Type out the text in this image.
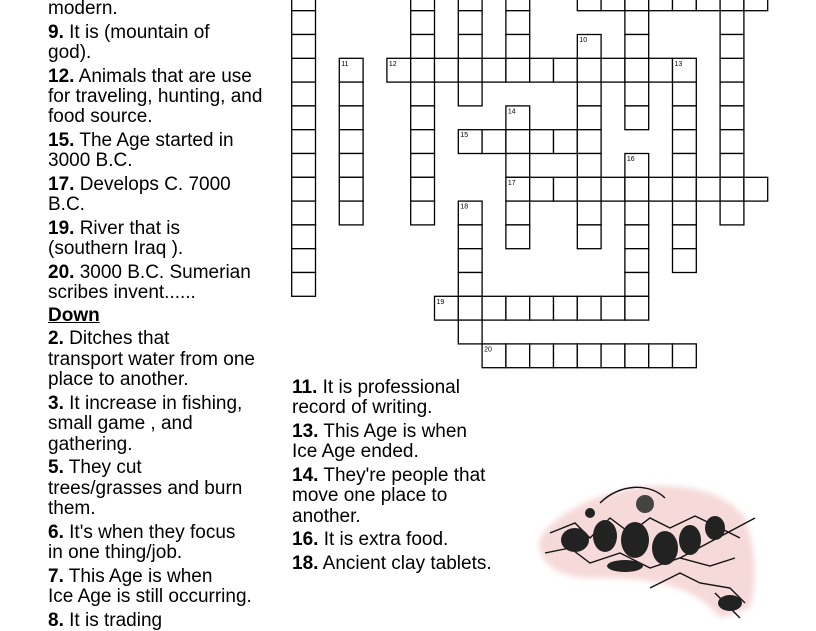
modern.
9. It is (mountain of
god).
12. Animals that are use
for traveling, hunting, and
food source.
15. The Age started in
3000 B.C.
17. Develops C. 7000
B.C.
19. River that is
(southern Iraq ).
20. 3000 B.C. Sumerian
scribes invent......
Down
2. Ditches that
transport water from one
place to another.
3. It increase in fishing,
small game , and
gathering.
5. They cut
trees/grasses and burn
them.
6. It's when they focus
in one thing/job.
7. This Age is when
Ice Age is still occurring.
8. It is trading
11. It is professional
record of writing.
13. This Age is when
Ice Age ended.
14. They're people that
move one place to
another.
16. It is extra food.
18. Ancient clay tablets.
10
11	12	13
14
15
16
17
18
19
20
